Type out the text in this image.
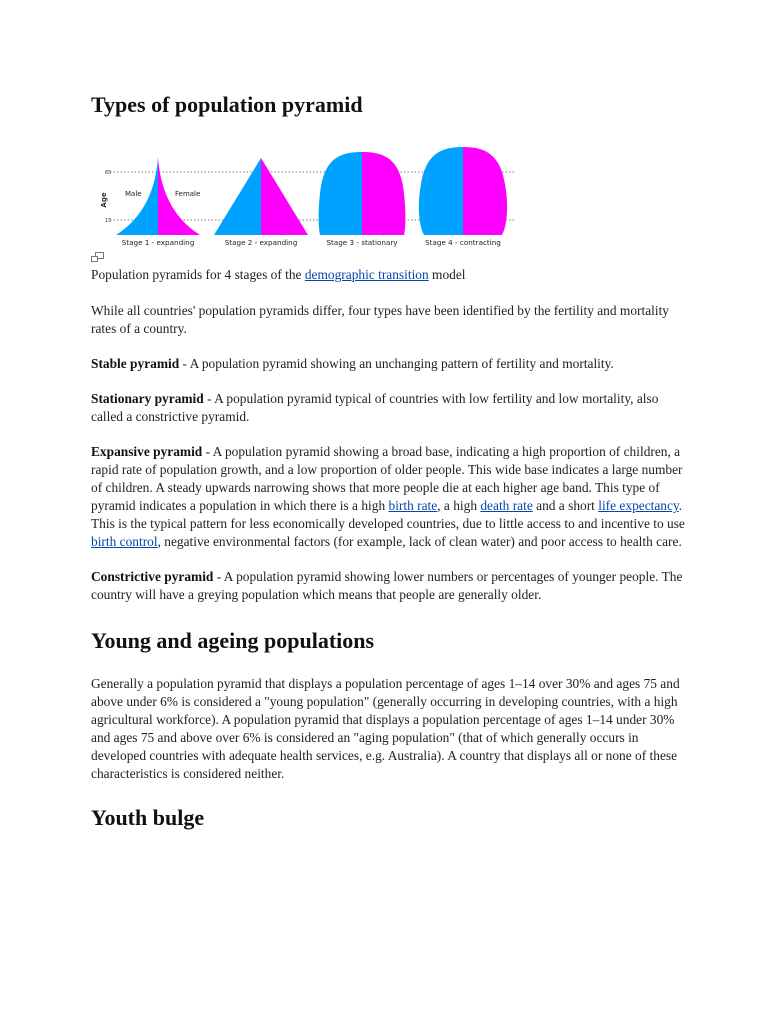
Types of population pyramid
Age
65
15
Male	Female
Stage 1 - expanding	Stage 2 - expanding	Stage 3 - stationary	Stage 4 - contracting

Population pyramids for 4 stages of the demographic transition model

While all countries' population pyramids differ, four types have been identified by the fertility and mortality rates of a country.

Stable pyramid - A population pyramid showing an unchanging pattern of fertility and mortality.

Stationary pyramid - A population pyramid typical of countries with low fertility and low mortality, also called a constrictive pyramid.

Expansive pyramid - A population pyramid showing a broad base, indicating a high proportion of children, a rapid rate of population growth, and a low proportion of older people. This wide base indicates a large number of children. A steady upwards narrowing shows that more people die at each higher age band. This type of pyramid indicates a population in which there is a high birth rate, a high death rate and a short life expectancy. This is the typical pattern for less economically developed countries, due to little access to and incentive to use birth control, negative environmental factors (for example, lack of clean water) and poor access to health care.

Constrictive pyramid - A population pyramid showing lower numbers or percentages of younger people. The country will have a greying population which means that people are generally older.

Young and ageing populations

Generally a population pyramid that displays a population percentage of ages 1–14 over 30% and ages 75 and above under 6% is considered a "young population" (generally occurring in developing countries, with a high agricultural workforce). A population pyramid that displays a population percentage of ages 1–14 under 30% and ages 75 and above over 6% is considered an "aging population" (that of which generally occurs in developed countries with adequate health services, e.g. Australia). A country that displays all or none of these characteristics is considered neither.

Youth bulge
